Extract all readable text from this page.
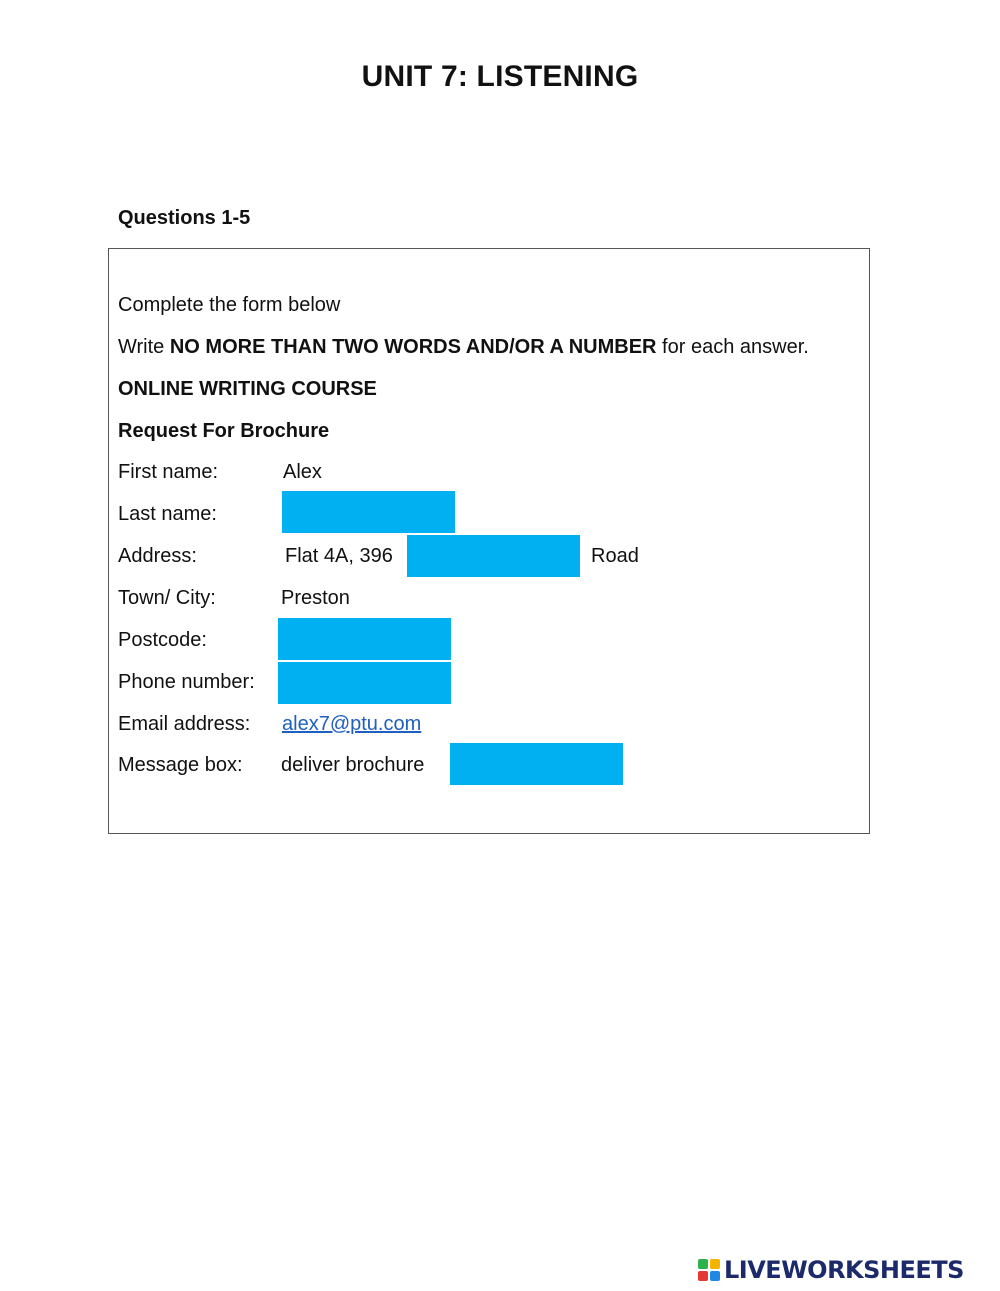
UNIT 7: LISTENING
Questions 1-5
Complete the form below
Write NO MORE THAN TWO WORDS AND/OR A NUMBER for each answer.
ONLINE WRITING COURSE
Request For Brochure
First name:	Alex
Last name:
Address:	Flat 4A, 396	Road
Town/ City:	Preston
Postcode:
Phone number:
Email address: alex7@ptu.com
Message box: deliver brochure
LIVEWORKSHEETS
